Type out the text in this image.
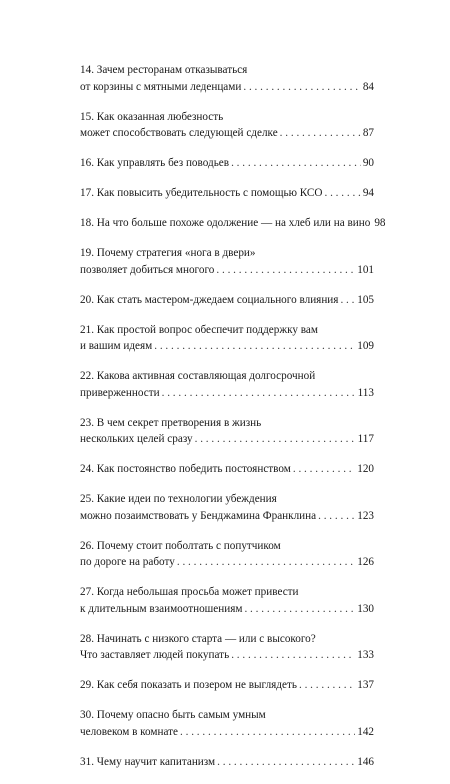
14. Зачем ресторанам отказываться
от корзины с мятными леденцами . . .	84
15. Как оказанная любезность
может способствовать следующей сделке . . .	87
16. Как управлять без поводьев . . .	90
17. Как повысить убедительность с помощью КСО . . .	94
18. На что больше похоже одолжение — на хлеб или на вино 98
19. Почему стратегия «нога в двери»
позволяет добиться многого . . .	101
20. Как стать мастером-джедаем социального влияния . . . 105
21. Как простой вопрос обеспечит поддержку вам
и вашим идеям . . .	109
22. Какова активная составляющая долгосрочной
приверженности . . .	113
23. В чем секрет претворения в жизнь
нескольких целей сразу . . .	117
24. Как постоянство победить постоянством . . .	120
25. Какие идеи по технологии убеждения
можно позаимствовать у Бенджамина Франклина . . .	123
26. Почему стоит поболтать с попутчиком
по дороге на работу . . .	126
27. Когда небольшая просьба может привести
к длительным взаимоотношениям . . .	130
28. Начинать с низкого старта — или с высокого?
Что заставляет людей покупать . . .	133
29. Как себя показать и позером не выглядеть . . .	137
30. Почему опасно быть самым умным
человеком в комнате . . .	142
31. Чему научит капитанизм . . .	146
